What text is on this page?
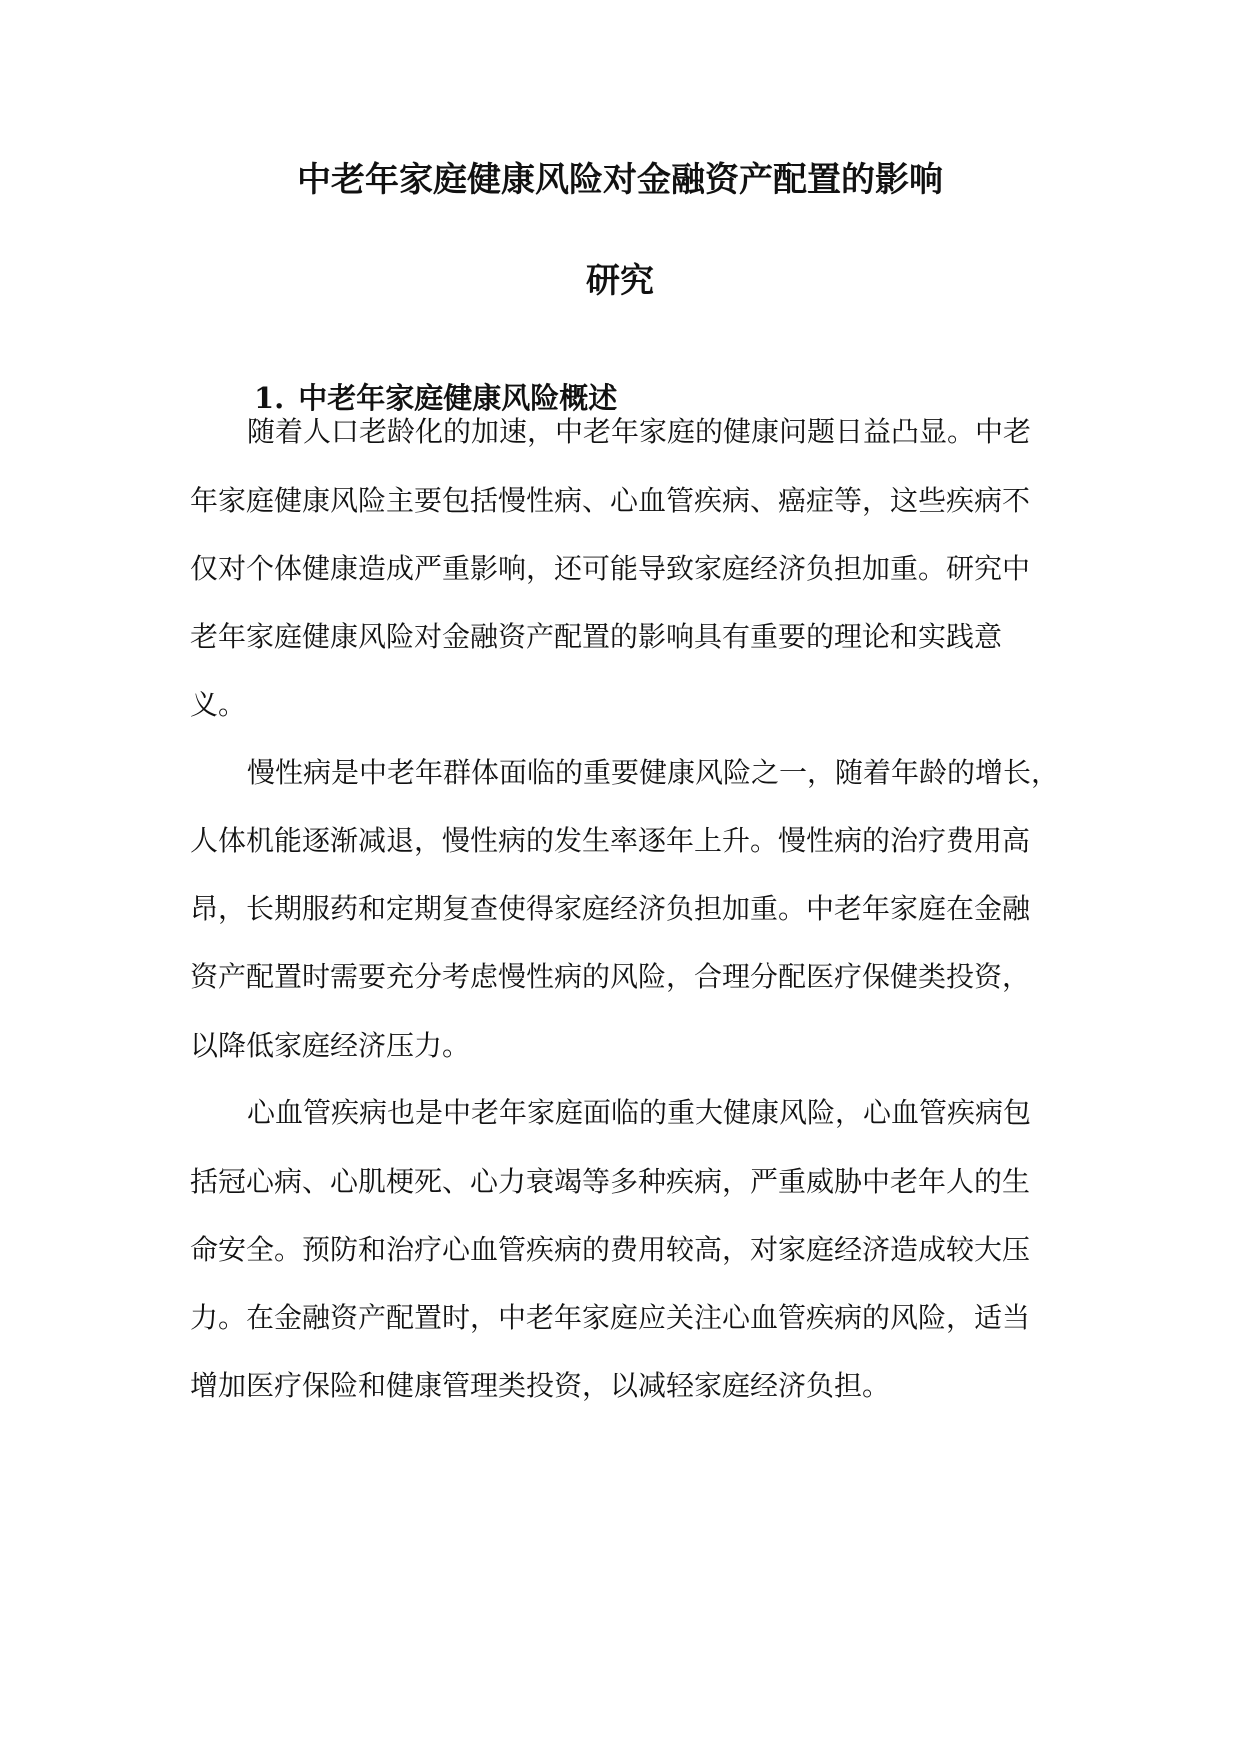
中老年家庭健康风险对金融资产配置的影响
研究
1. 中老年家庭健康风险概述

随着人口老龄化的加速，中老年家庭的健康问题日益凸显。中老

年家庭健康风险主要包括慢性病、心血管疾病、癌症等，这些疾病不

仅对个体健康造成严重影响，还可能导致家庭经济负担加重。研究中

老年家庭健康风险对金融资产配置的影响具有重要的理论和实践意

义。

慢性病是中老年群体面临的重要健康风险之一，随着年龄的增长，

人体机能逐渐减退，慢性病的发生率逐年上升。慢性病的治疗费用高

昂，长期服药和定期复查使得家庭经济负担加重。中老年家庭在金融

资产配置时需要充分考虑慢性病的风险，合理分配医疗保健类投资，

以降低家庭经济压力。

心血管疾病也是中老年家庭面临的重大健康风险，心血管疾病包

括冠心病、心肌梗死、心力衰竭等多种疾病，严重威胁中老年人的生

命安全。预防和治疗心血管疾病的费用较高，对家庭经济造成较大压

力。在金融资产配置时，中老年家庭应关注心血管疾病的风险，适当

增加医疗保险和健康管理类投资，以减轻家庭经济负担。
